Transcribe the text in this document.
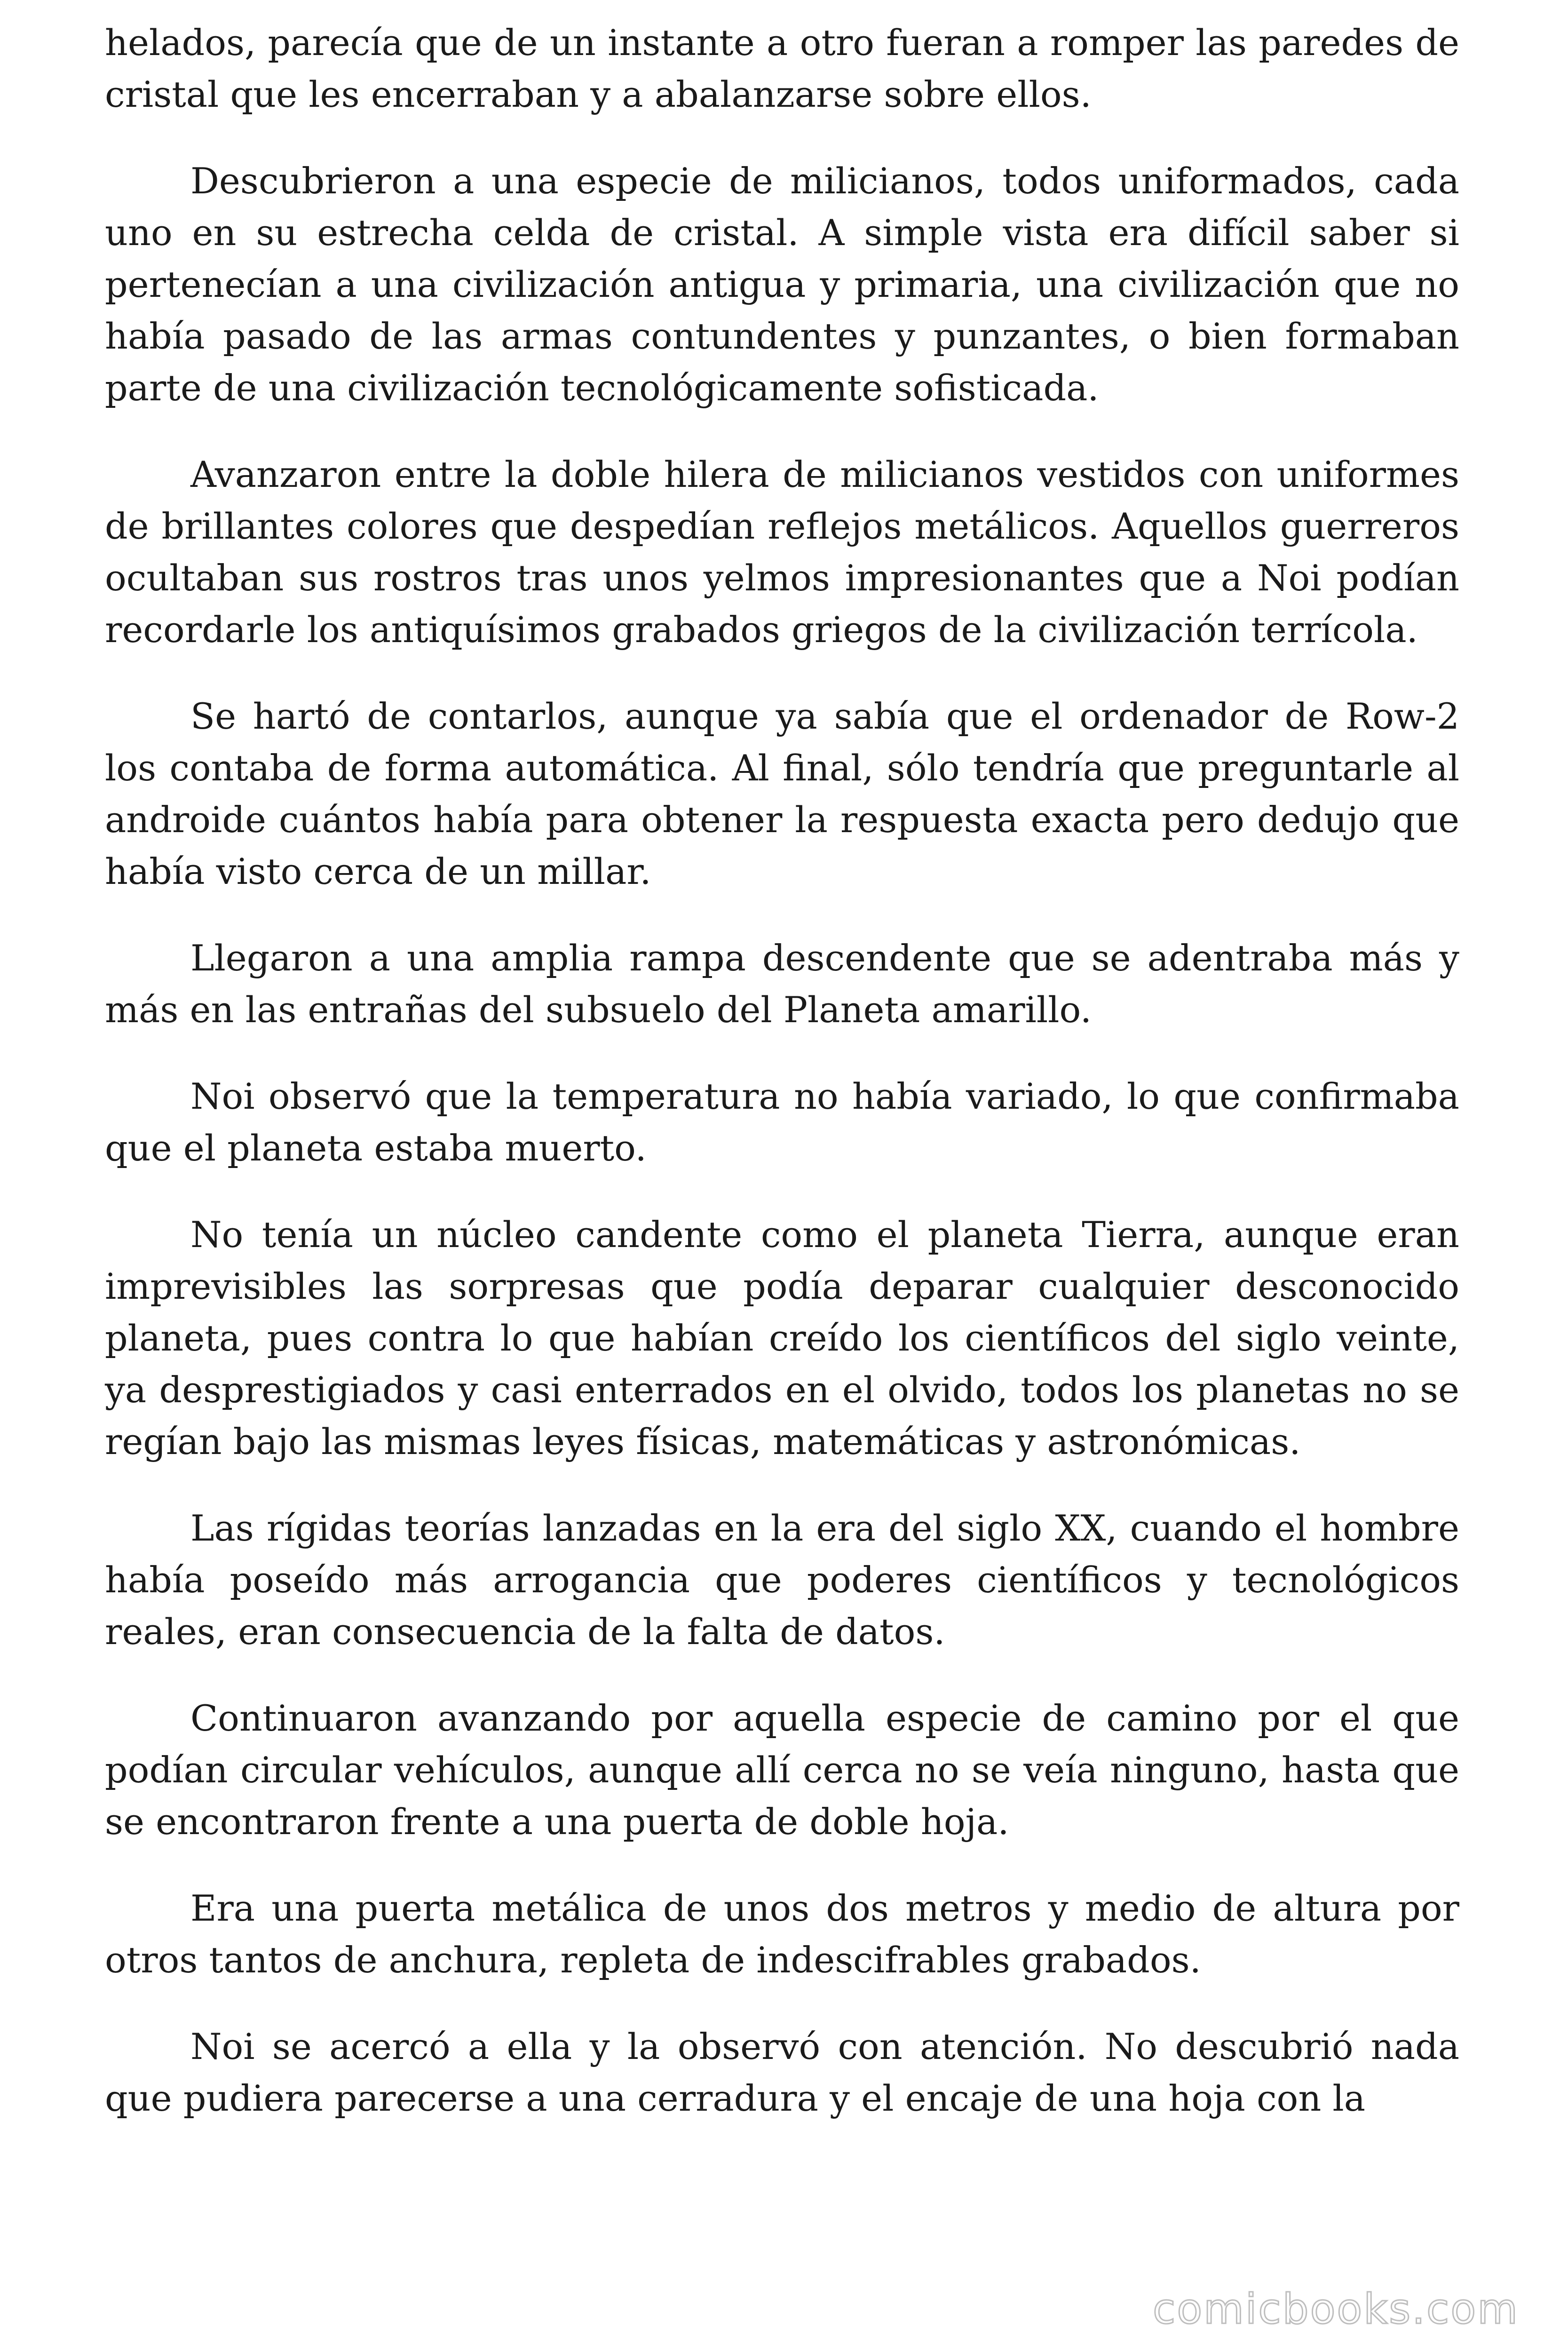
helados, parecía que de un instante a otro fueran a romper las paredes de cristal que les encerraban y a abalanzarse sobre ellos.

Descubrieron a una especie de milicianos, todos uniformados, cada uno en su estrecha celda de cristal. A simple vista era difícil saber si pertenecían a una civilización antigua y primaria, una civilización que no había pasado de las armas contundentes y punzantes, o bien formaban parte de una civilización tecnológicamente sofisticada.

Avanzaron entre la doble hilera de milicianos vestidos con uniformes de brillantes colores que despedían reflejos metálicos. Aquellos guerreros ocultaban sus rostros tras unos yelmos impresionantes que a Noi podían recordarle los antiquísimos grabados griegos de la civilización terrícola.

Se hartó de contarlos, aunque ya sabía que el ordenador de Row-2 los contaba de forma automática. Al final, sólo tendría que preguntarle al androide cuántos había para obtener la respuesta exacta pero dedujo que había visto cerca de un millar.

Llegaron a una amplia rampa descendente que se adentraba más y más en las entrañas del subsuelo del Planeta amarillo.

Noi observó que la temperatura no había variado, lo que confirmaba que el planeta estaba muerto.

No tenía un núcleo candente como el planeta Tierra, aunque eran imprevisibles las sorpresas que podía deparar cualquier desconocido planeta, pues contra lo que habían creído los científicos del siglo veinte, ya desprestigiados y casi enterrados en el olvido, todos los planetas no se regían bajo las mismas leyes físicas, matemáticas y astronómicas.

Las rígidas teorías lanzadas en la era del siglo XX, cuando el hombre había poseído más arrogancia que poderes científicos y tecnológicos reales, eran consecuencia de la falta de datos.

Continuaron avanzando por aquella especie de camino por el que podían circular vehículos, aunque allí cerca no se veía ninguno, hasta que se encontraron frente a una puerta de doble hoja.

Era una puerta metálica de unos dos metros y medio de altura por otros tantos de anchura, repleta de indescifrables grabados.

Noi se acercó a ella y la observó con atención. No descubrió nada que pudiera parecerse a una cerradura y el encaje de una hoja con la

comicbooks.com
